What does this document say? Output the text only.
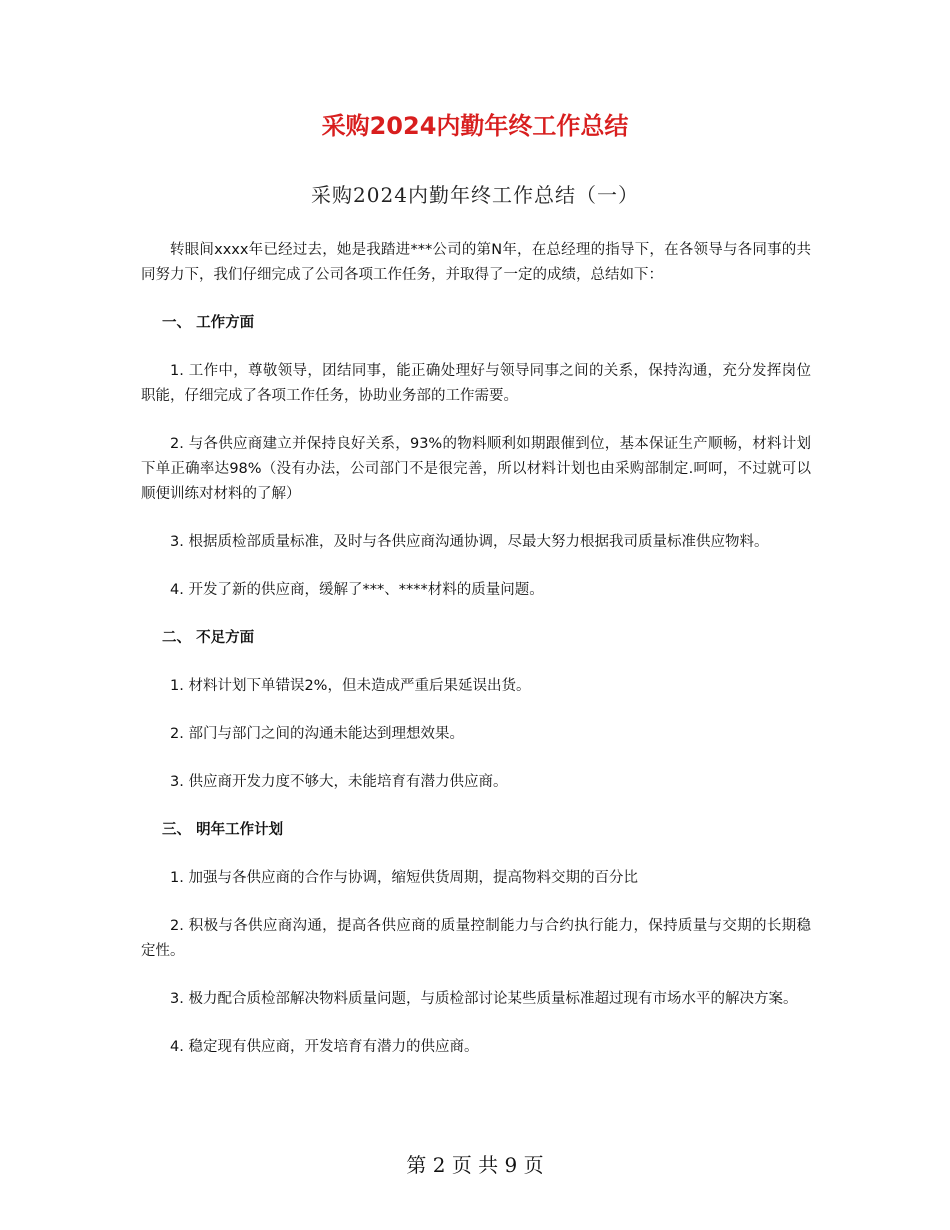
采购2024内勤年终工作总结
采购2024内勤年终工作总结（一）

转眼间xxxx年已经过去，她是我踏进***公司的第N年，在总经理的指导下，在各领导与各同事的共同努力下，我们仔细完成了公司各项工作任务，并取得了一定的成绩，总结如下：

一、 工作方面

1. 工作中，尊敬领导，团结同事，能正确处理好与领导同事之间的关系，保持沟通，充分发挥岗位职能，仔细完成了各项工作任务，协助业务部的工作需要。

2. 与各供应商建立并保持良好关系，93%的物料顺利如期跟催到位，基本保证生产顺畅，材料计划下单正确率达98%（没有办法，公司部门不是很完善，所以材料计划也由采购部制定.呵呵，不过就可以顺便训练对材料的了解）

3. 根据质检部质量标准，及时与各供应商沟通协调，尽最大努力根据我司质量标准供应物料。

4. 开发了新的供应商，缓解了***、****材料的质量问题。

二、 不足方面

1. 材料计划下单错误2%，但未造成严重后果延误出货。

2. 部门与部门之间的沟通未能达到理想效果。

3. 供应商开发力度不够大，未能培育有潜力供应商。

三、 明年工作计划

1. 加强与各供应商的合作与协调，缩短供货周期，提高物料交期的百分比

2. 积极与各供应商沟通，提高各供应商的质量控制能力与合约执行能力，保持质量与交期的长期稳定性。

3. 极力配合质检部解决物料质量问题，与质检部讨论某些质量标准超过现有市场水平的解决方案。

4. 稳定现有供应商，开发培育有潜力的供应商。

第 2 页 共 9 页
